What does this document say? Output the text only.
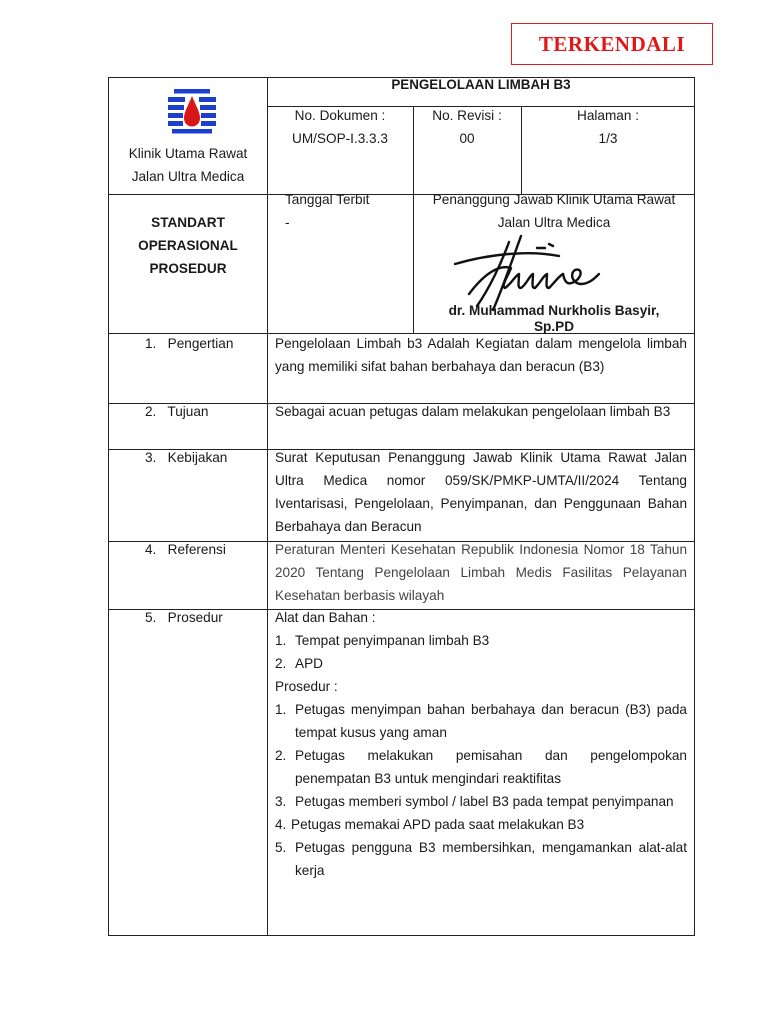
TERKENDALI
Klinik Utama Rawat
Jalan Ultra Medica
PENGELOLAAN LIMBAH B3
No. Dokumen :
UM/SOP-I.3.3.3
No. Revisi :
00
Halaman :
1/3
STANDART
OPERASIONAL
PROSEDUR
Tanggal Terbit
-
Penanggung Jawab Klinik Utama Rawat
Jalan Ultra Medica
dr. Muhammad Nurkholis Basyir,
Sp.PD
1.   Pengertian	Pengelolaan Limbah b3 Adalah Kegiatan dalam mengelola limbah yang memiliki sifat bahan berbahaya dan beracun (B3)
2.   Tujuan	Sebagai acuan petugas dalam melakukan pengelolaan limbah B3
3.   Kebijakan	Surat Keputusan Penanggung Jawab Klinik Utama Rawat Jalan Ultra Medica nomor 059/SK/PMKP-UMTA/II/2024 Tentang Iventarisasi, Pengelolaan, Penyimpanan, dan Penggunaan Bahan Berbahaya dan Beracun
4.   Referensi	Peraturan Menteri Kesehatan Republik Indonesia Nomor 18 Tahun 2020 Tentang Pengelolaan Limbah Medis Fasilitas Pelayanan Kesehatan berbasis wilayah
5.   Prosedur	Alat dan Bahan :
1. Tempat penyimpanan limbah B3
2. APD
Prosedur :
1. Petugas menyimpan bahan berbahaya dan beracun (B3) pada tempat kusus yang aman
2. Petugas melakukan pemisahan dan pengelompokan penempatan B3 untuk mengindari reaktifitas
3. Petugas memberi symbol / label B3 pada tempat penyimpanan
4. Petugas memakai APD pada saat melakukan B3
5. Petugas pengguna B3 membersihkan, mengamankan alat-alat kerja
